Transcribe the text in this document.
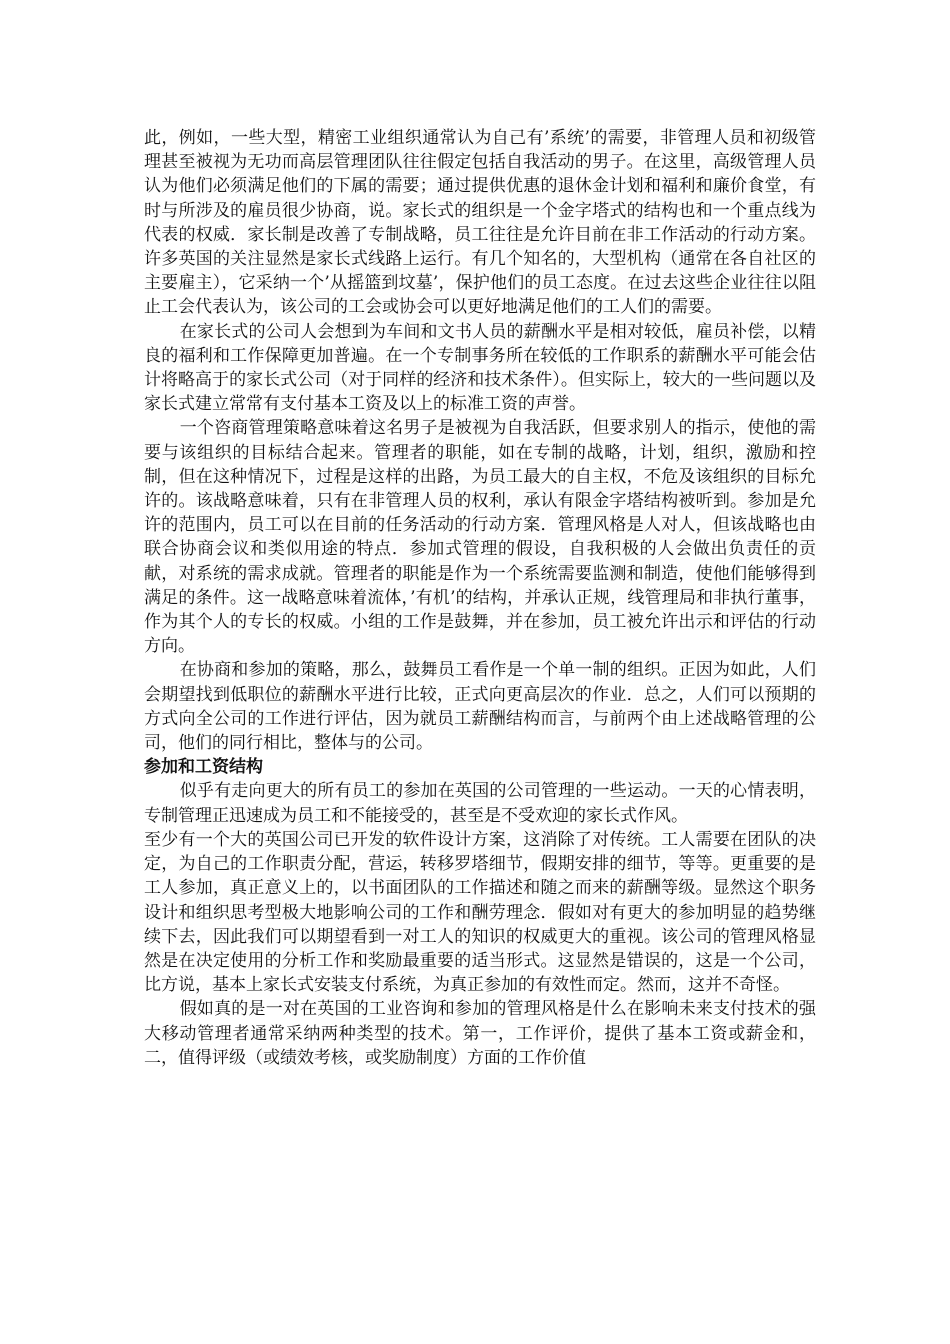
此，例如，一些大型，精密工业组织通常认为自己有’系统’的需要，非管理人员和初级管理甚至被视为无功而高层管理团队往往假定包括自我活动的男子。在这里，高级管理人员认为他们必须满足他们的下属的需要；通过提供优惠的退休金计划和福利和廉价食堂，有时与所涉及的雇员很少协商，说。家长式的组织是一个金字塔式的结构也和一个重点线为代表的权威．家长制是改善了专制战略，员工往往是允许目前在非工作活动的行动方案。许多英国的关注显然是家长式线路上运行。有几个知名的，大型机构（通常在各自社区的主要雇主），它采纳一个’从摇篮到坟墓’，保护他们的员工态度。在过去这些企业往往以阻止工会代表认为，该公司的工会或协会可以更好地满足他们的工人们的需要。

在家长式的公司人会想到为车间和文书人员的薪酬水平是相对较低，雇员补偿，以精良的福利和工作保障更加普遍。在一个专制事务所在较低的工作职系的薪酬水平可能会估计将略高于的家长式公司（对于同样的经济和技术条件）。但实际上，较大的一些问题以及家长式建立常常有支付基本工资及以上的标准工资的声誉。

一个咨商管理策略意味着这名男子是被视为自我活跃，但要求别人的指示，使他的需要与该组织的目标结合起来。管理者的职能，如在专制的战略，计划，组织，激励和控制，但在这种情况下，过程是这样的出路，为员工最大的自主权，不危及该组织的目标允许的。该战略意味着，只有在非管理人员的权利，承认有限金字塔结构被听到。参加是允许的范围内，员工可以在目前的任务活动的行动方案．管理风格是人对人，但该战略也由联合协商会议和类似用途的特点．参加式管理的假设，自我积极的人会做出负责任的贡献，对系统的需求成就。管理者的职能是作为一个系统需要监测和制造，使他们能够得到满足的条件。这一战略意味着流体，’有机’的结构，并承认正规，线管理局和非执行董事，作为其个人的专长的权威。小组的工作是鼓舞，并在参加，员工被允许出示和评估的行动方向。

在协商和参加的策略，那么，鼓舞员工看作是一个单一制的组织。正因为如此，人们会期望找到低职位的薪酬水平进行比较，正式向更高层次的作业．总之，人们可以预期的方式向全公司的工作进行评估，因为就员工薪酬结构而言，与前两个由上述战略管理的公司，他们的同行相比，整体与的公司。

参加和工资结构

似乎有走向更大的所有员工的参加在英国的公司管理的一些运动。一天的心情表明，专制管理正迅速成为员工和不能接受的，甚至是不受欢迎的家长式作风。

至少有一个大的英国公司已开发的软件设计方案，这消除了对传统。工人需要在团队的决定，为自己的工作职责分配，营运，转移罗塔细节，假期安排的细节，等等。更重要的是工人参加，真正意义上的，以书面团队的工作描述和随之而来的薪酬等级。显然这个职务设计和组织思考型极大地影响公司的工作和酬劳理念．假如对有更大的参加明显的趋势继续下去，因此我们可以期望看到一对工人的知识的权威更大的重视。该公司的管理风格显然是在决定使用的分析工作和奖励最重要的适当形式。这显然是错误的，这是一个公司，比方说，基本上家长式安装支付系统，为真正参加的有效性而定。然而，这并不奇怪。

假如真的是一对在英国的工业咨询和参加的管理风格是什么在影响未来支付技术的强大移动管理者通常采纳两种类型的技术。第一，工作评价，提供了基本工资或薪金和，二，值得评级（或绩效考核，或奖励制度）方面的工作价值
